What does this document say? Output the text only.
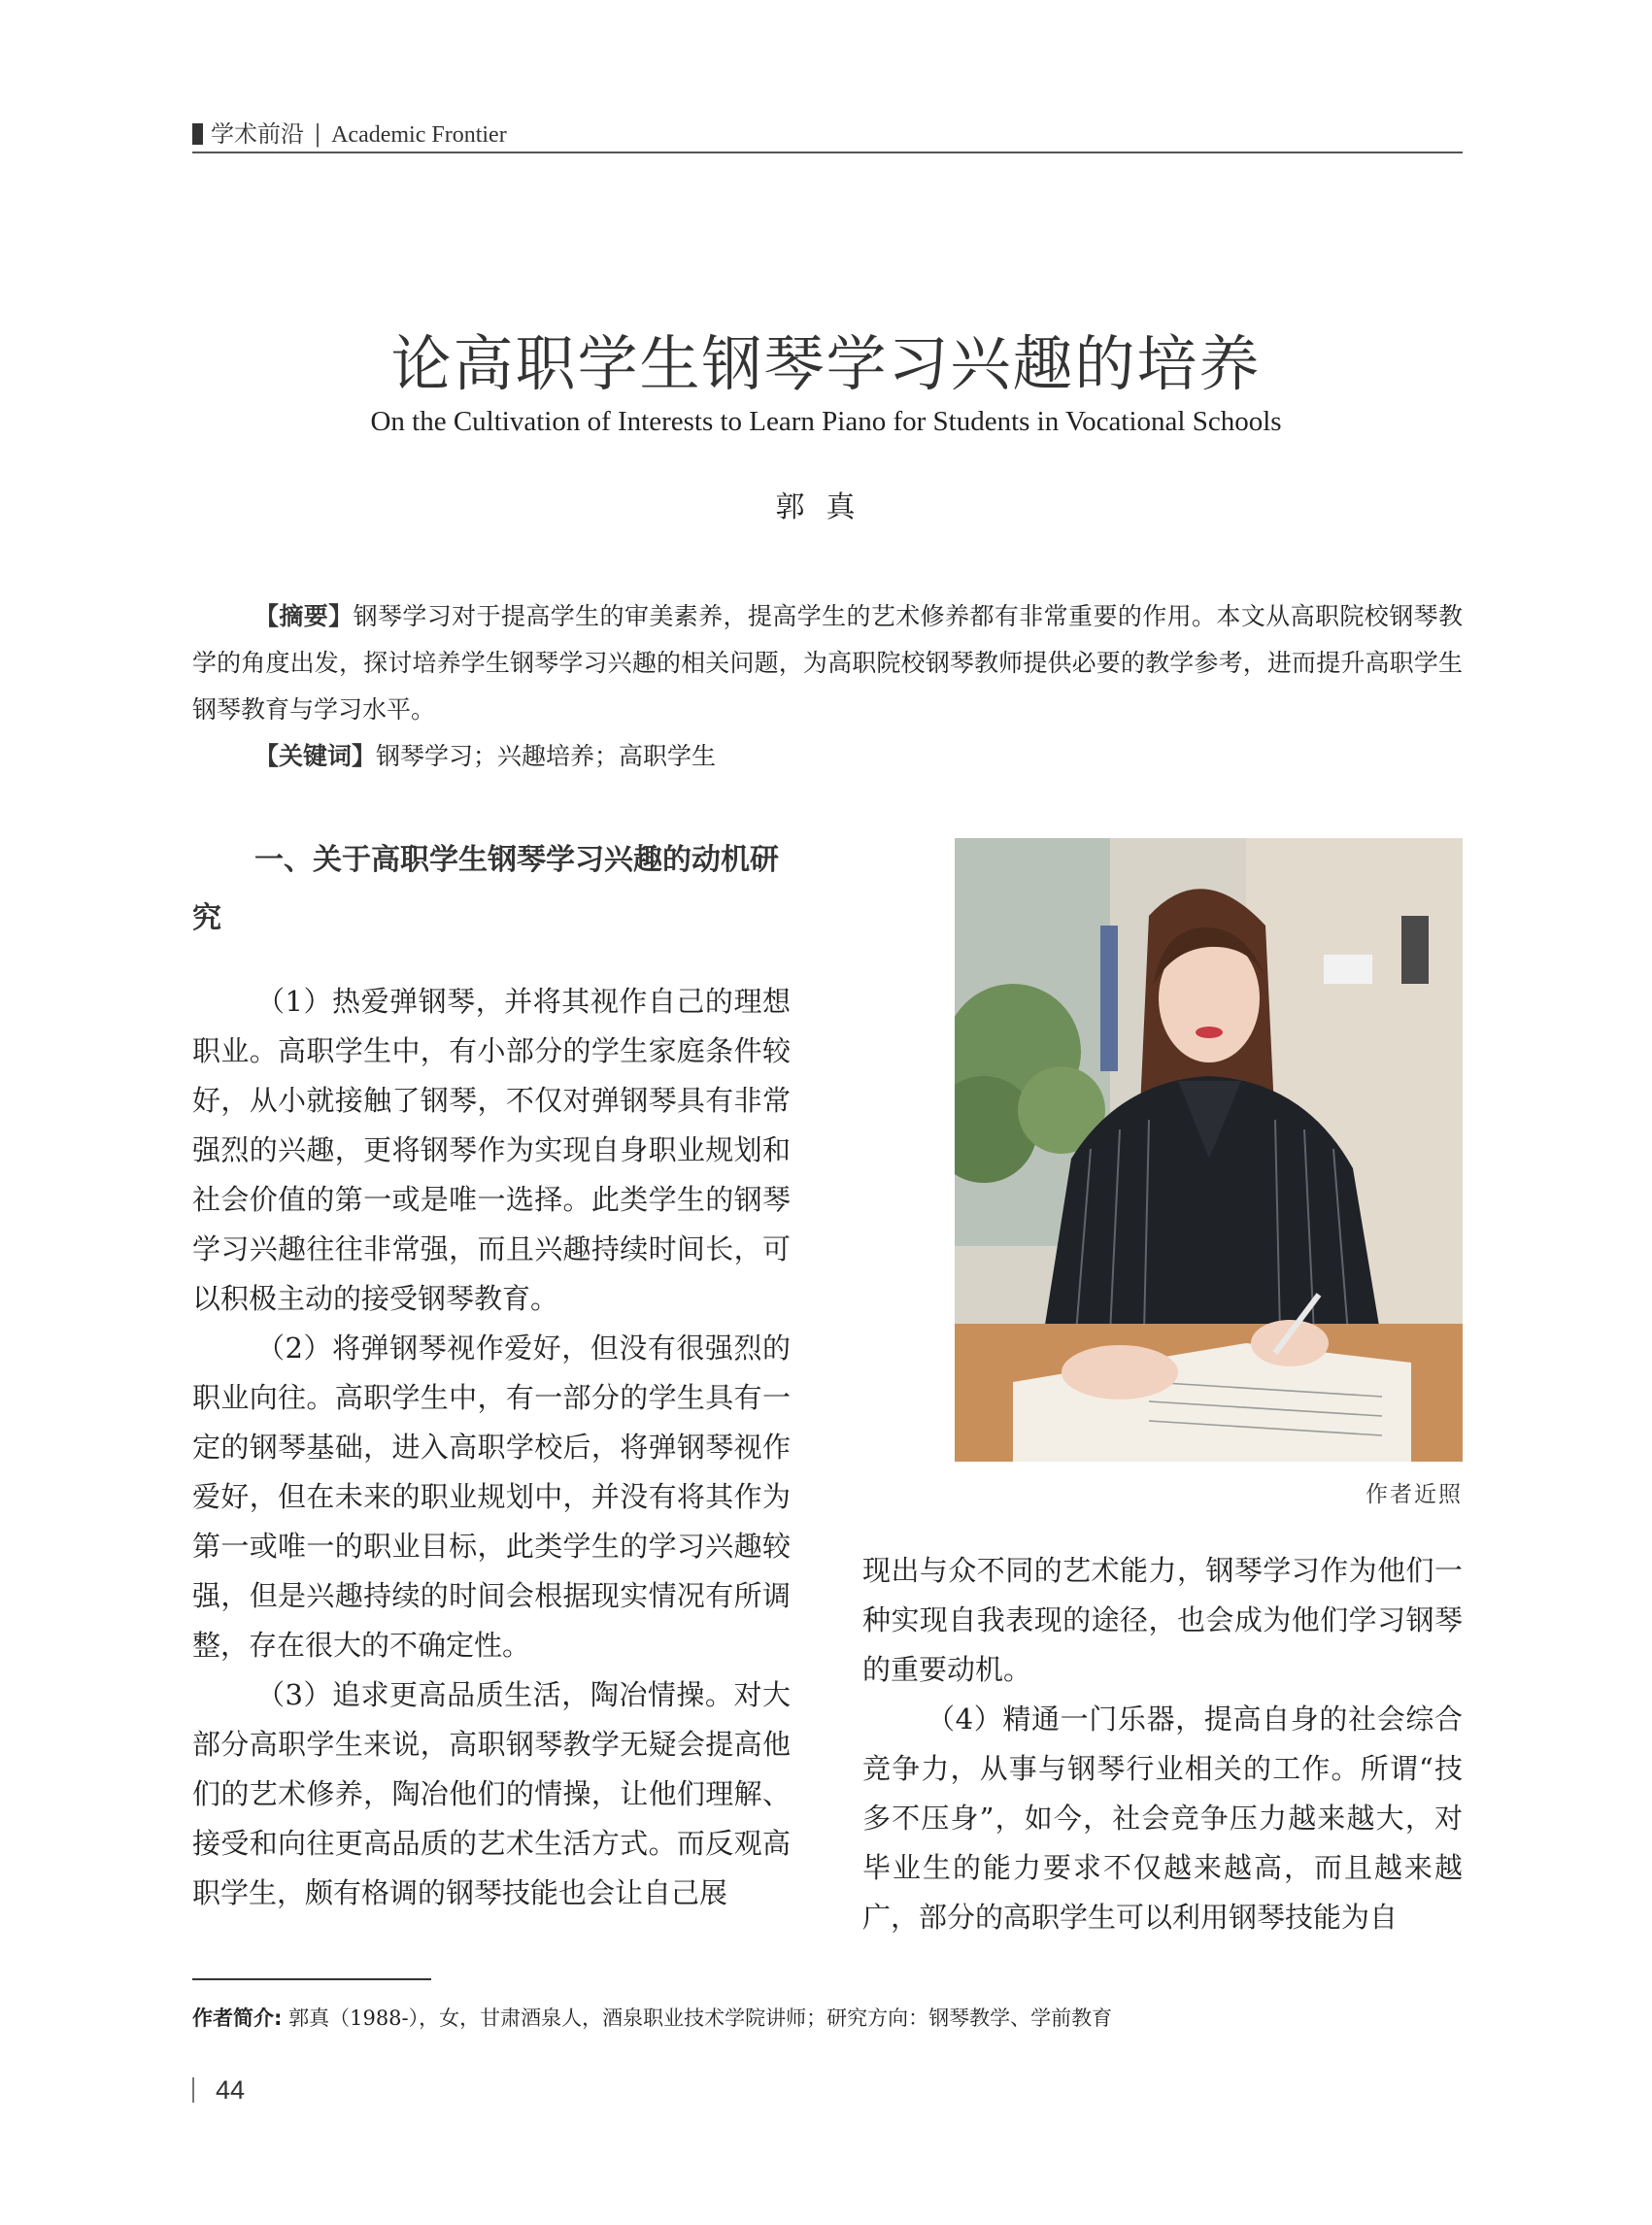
学术前沿 | Academic Frontier
论高职学生钢琴学习兴趣的培养
On the Cultivation of Interests to Learn Piano for Students in Vocational Schools
郭真

【摘要】钢琴学习对于提高学生的审美素养，提高学生的艺术修养都有非常重要的作用。本文从高职院校钢琴教学的角度出发，探讨培养学生钢琴学习兴趣的相关问题，为高职院校钢琴教师提供必要的教学参考，进而提升高职学生钢琴教育与学习水平。

【关键词】钢琴学习；兴趣培养；高职学生

一、关于高职学生钢琴学习兴趣的动机研究

（1）热爱弹钢琴，并将其视作自己的理想职业。高职学生中，有小部分的学生家庭条件较好，从小就接触了钢琴，不仅对弹钢琴具有非常强烈的兴趣，更将钢琴作为实现自身职业规划和社会价值的第一或是唯一选择。此类学生的钢琴学习兴趣往往非常强，而且兴趣持续时间长，可以积极主动的接受钢琴教育。

（2）将弹钢琴视作爱好，但没有很强烈的职业向往。高职学生中，有一部分的学生具有一定的钢琴基础，进入高职学校后，将弹钢琴视作爱好，但在未来的职业规划中，并没有将其作为第一或唯一的职业目标，此类学生的学习兴趣较强，但是兴趣持续的时间会根据现实情况有所调整，存在很大的不确定性。

（3）追求更高品质生活，陶冶情操。对大部分高职学生来说，高职钢琴教学无疑会提高他们的艺术修养，陶冶他们的情操，让他们理解、接受和向往更高品质的艺术生活方式。而反观高职学生，颇有格调的钢琴技能也会让自己展

作者近照

现出与众不同的艺术能力，钢琴学习作为他们一种实现自我表现的途径，也会成为他们学习钢琴的重要动机。

（4）精通一门乐器，提高自身的社会综合竞争力，从事与钢琴行业相关的工作。所谓“技多不压身”，如今，社会竞争压力越来越大，对毕业生的能力要求不仅越来越高，而且越来越广，部分的高职学生可以利用钢琴技能为自

作者简介: 郭真（1988-），女，甘肃酒泉人，酒泉职业技术学院讲师；研究方向：钢琴教学、学前教育
44
